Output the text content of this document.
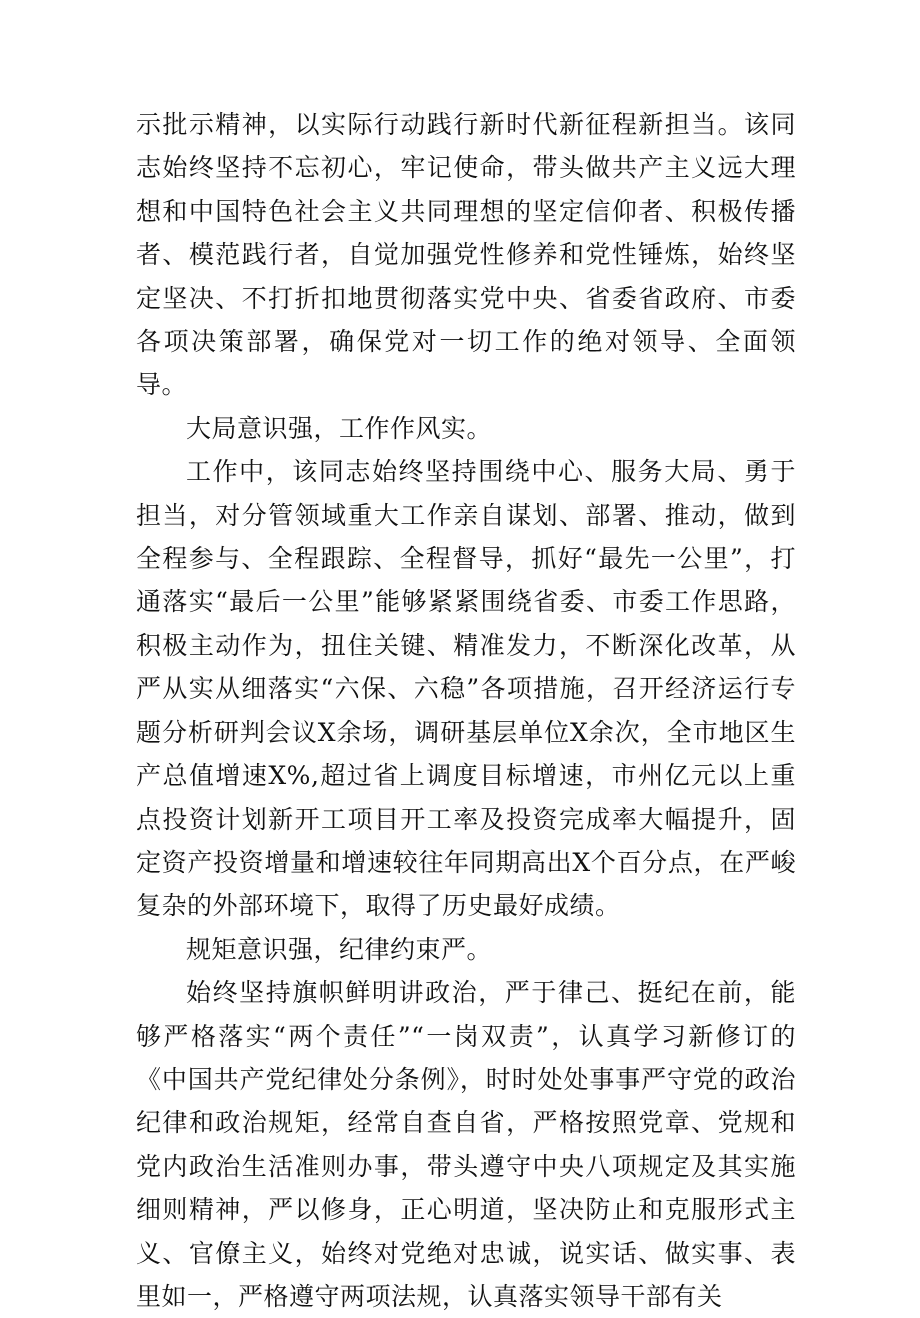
示批示精神，以实际行动践行新时代新征程新担当。该同志始终坚持不忘初心，牢记使命，带头做共产主义远大理想和中国特色社会主义共同理想的坚定信仰者、积极传播者、模范践行者，自觉加强党性修养和党性锤炼，始终坚定坚决、不打折扣地贯彻落实党中央、省委省政府、市委各项决策部署，确保党对一切工作的绝对领导、全面领导。

大局意识强，工作作风实。

工作中，该同志始终坚持围绕中心、服务大局、勇于担当，对分管领域重大工作亲自谋划、部署、推动，做到全程参与、全程跟踪、全程督导，抓好“最先一公里”，打通落实“最后一公里”能够紧紧围绕省委、市委工作思路，积极主动作为，扭住关键、精准发力，不断深化改革，从严从实从细落实“六保、六稳”各项措施，召开经济运行专题分析研判会议X余场，调研基层单位X余次，全市地区生产总值增速X%,超过省上调度目标增速，市州亿元以上重点投资计划新开工项目开工率及投资完成率大幅提升，固定资产投资增量和增速较往年同期高出X个百分点，在严峻复杂的外部环境下，取得了历史最好成绩。

规矩意识强，纪律约束严。

始终坚持旗帜鲜明讲政治，严于律己、挺纪在前，能够严格落实“两个责任”“一岗双责”，认真学习新修订的《中国共产党纪律处分条例》，时时处处事事严守党的政治纪律和政治规矩，经常自查自省，严格按照党章、党规和党内政治生活准则办事，带头遵守中央八项规定及其实施细则精神，严以修身，正心明道，坚决防止和克服形式主义、官僚主义，始终对党绝对忠诚，说实话、做实事、表里如一，严格遵守两项法规，认真落实领导干部有关
